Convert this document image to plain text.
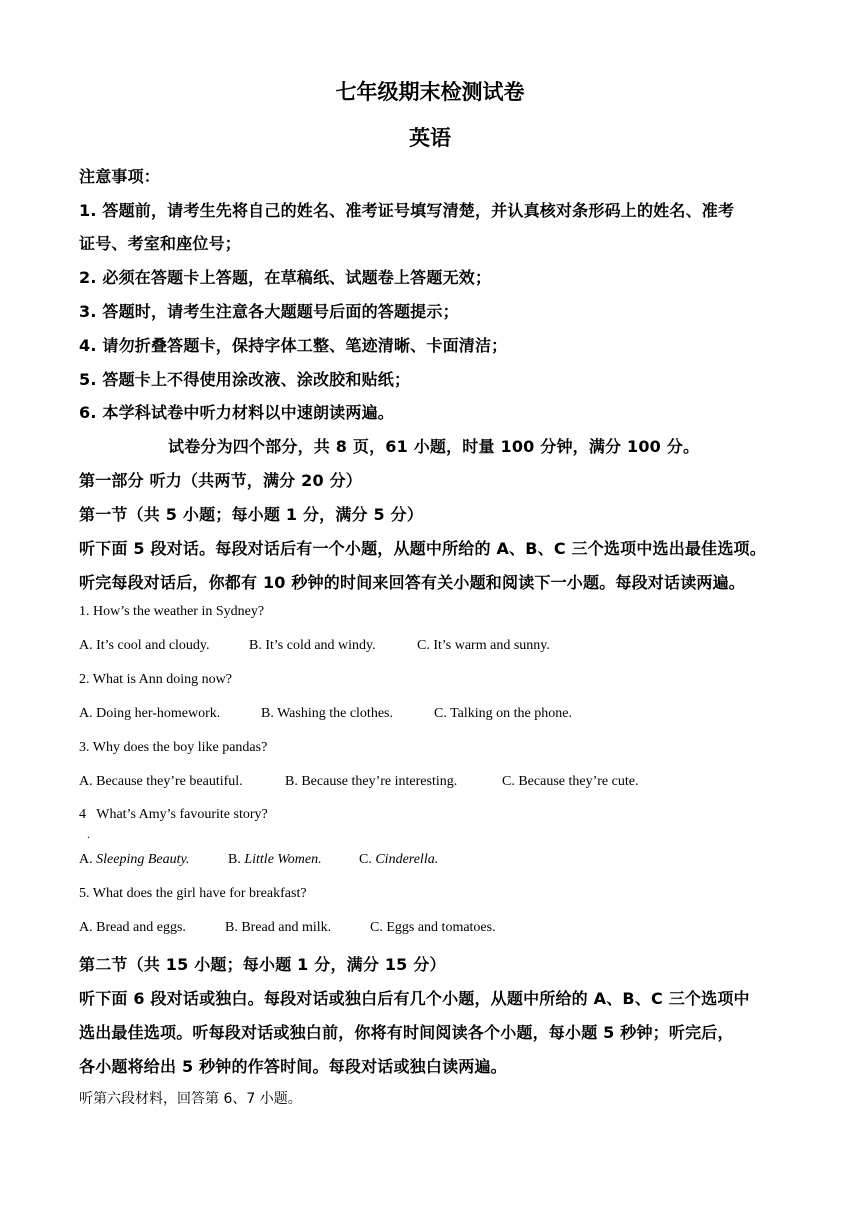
七年级期末检测试卷
英语
注意事项：
1. 答题前，请考生先将自己的姓名、准考证号填写清楚，并认真核对条形码上的姓名、准考
证号、考室和座位号；
2. 必须在答题卡上答题，在草稿纸、试题卷上答题无效；
3. 答题时，请考生注意各大题题号后面的答题提示；
4. 请勿折叠答题卡，保持字体工整、笔迹清晰、卡面清洁；
5. 答题卡上不得使用涂改液、涂改胶和贴纸；
6. 本学科试卷中听力材料以中速朗读两遍。
试卷分为四个部分，共 8 页，61 小题，时量 100 分钟，满分 100 分。
第一部分 听力（共两节，满分 20 分）
第一节（共 5 小题；每小题 1 分，满分 5 分）
听下面 5 段对话。每段对话后有一个小题，从题中所给的 A、B、C 三个选项中选出最佳选项。
听完每段对话后，你都有 10 秒钟的时间来回答有关小题和阅读下一小题。每段对话读两遍。
1. How’s the weather in Sydney?
A. It’s cool and cloudy.	B. It’s cold and windy.	C. It’s warm and sunny.
2. What is Ann doing now?
A. Doing her-homework.	B. Washing the clothes.	C. Talking on the phone.
3. Why does the boy like pandas?
A. Because they’re beautiful.	B. Because they’re interesting.	C. Because they’re cute.
4   What’s Amy’s favourite story?
.
A. Sleeping Beauty.	B. Little Women.	C. Cinderella.
5. What does the girl have for breakfast?
A. Bread and eggs.	B. Bread and milk.	C. Eggs and tomatoes.
第二节（共 15 小题；每小题 1 分，满分 15 分）
听下面 6 段对话或独白。每段对话或独白后有几个小题，从题中所给的 A、B、C 三个选项中
选出最佳选项。听每段对话或独白前，你将有时间阅读各个小题，每小题 5 秒钟；听完后，
各小题将给出 5 秒钟的作答时间。每段对话或独白读两遍。
听第六段材料，回答第 6、7 小题。
